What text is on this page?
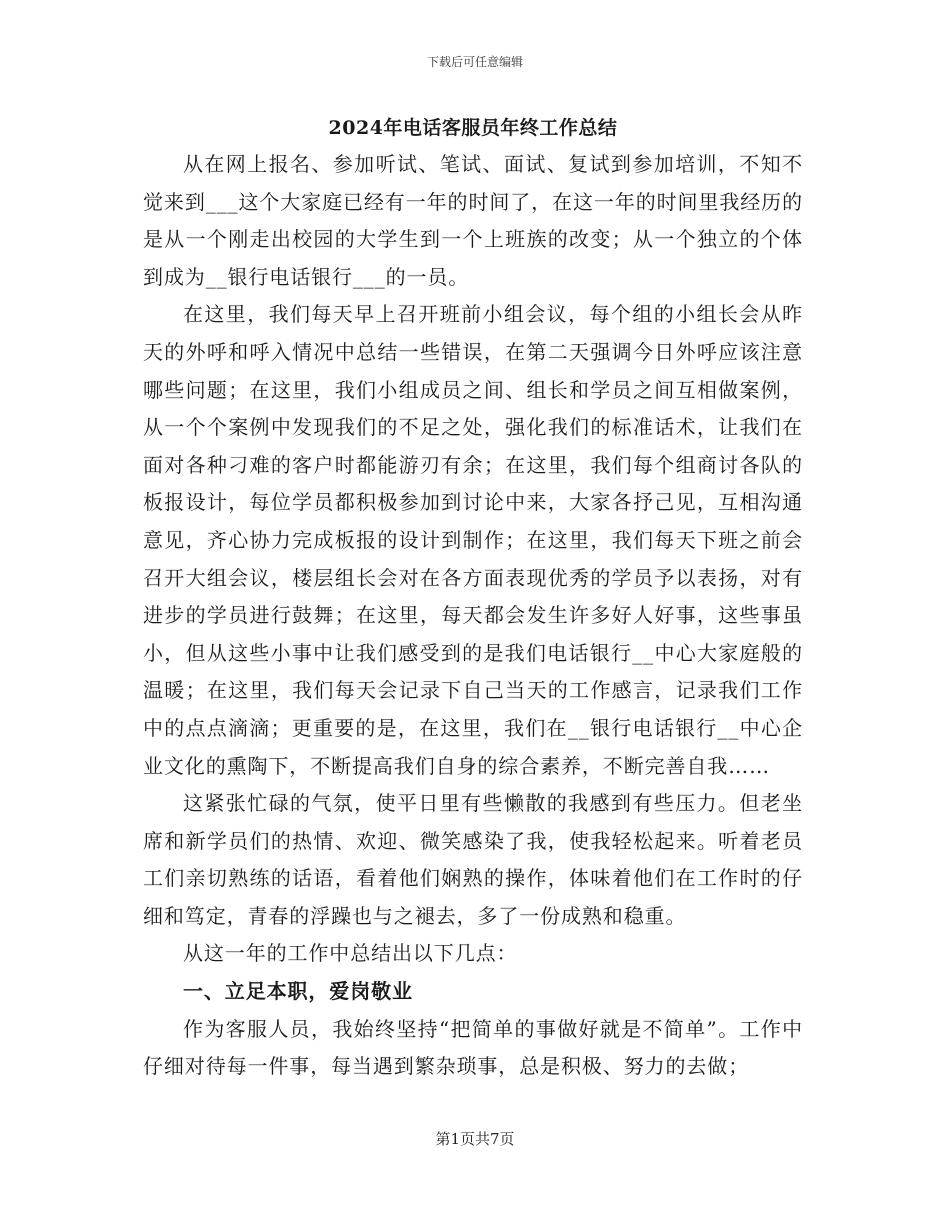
下载后可任意编辑
2024年电话客服员年终工作总结

从在网上报名、参加听试、笔试、面试、复试到参加培训，不知不觉来到___这个大家庭已经有一年的时间了，在这一年的时间里我经历的是从一个刚走出校园的大学生到一个上班族的改变；从一个独立的个体到成为__银行电话银行___的一员。

在这里，我们每天早上召开班前小组会议，每个组的小组长会从昨天的外呼和呼入情况中总结一些错误，在第二天强调今日外呼应该注意哪些问题；在这里，我们小组成员之间、组长和学员之间互相做案例，从一个个案例中发现我们的不足之处，强化我们的标准话术，让我们在面对各种刁难的客户时都能游刃有余；在这里，我们每个组商讨各队的板报设计，每位学员都积极参加到讨论中来，大家各抒己见，互相沟通意见，齐心协力完成板报的设计到制作；在这里，我们每天下班之前会召开大组会议，楼层组长会对在各方面表现优秀的学员予以表扬，对有进步的学员进行鼓舞；在这里，每天都会发生许多好人好事，这些事虽小，但从这些小事中让我们感受到的是我们电话银行__中心大家庭般的温暖；在这里，我们每天会记录下自己当天的工作感言，记录我们工作中的点点滴滴；更重要的是，在这里，我们在__银行电话银行__中心企业文化的熏陶下，不断提高我们自身的综合素养，不断完善自我……

这紧张忙碌的气氛，使平日里有些懒散的我感到有些压力。但老坐席和新学员们的热情、欢迎、微笑感染了我，使我轻松起来。听着老员工们亲切熟练的话语，看着他们娴熟的操作，体味着他们在工作时的仔细和笃定，青春的浮躁也与之褪去，多了一份成熟和稳重。

从这一年的工作中总结出以下几点：

一、立足本职，爱岗敬业

作为客服人员，我始终坚持“把简单的事做好就是不简单”。工作中仔细对待每一件事，每当遇到繁杂琐事，总是积极、努力的去做；

第1页共7页
